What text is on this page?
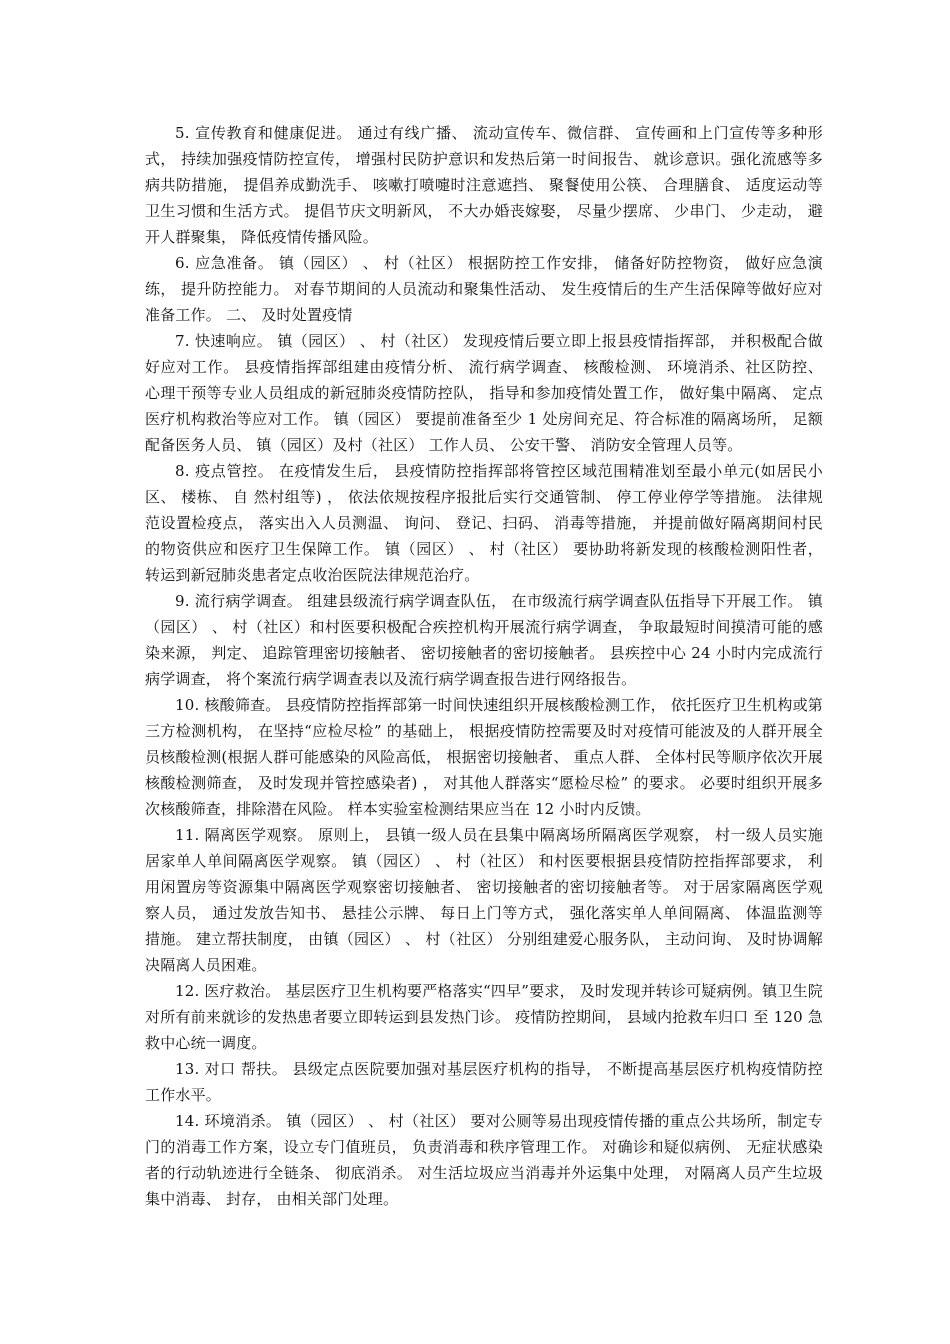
5. 宣传教育和健康促进。 通过有线广播、 流动宣传车、微信群、 宣传画和上门宣传等多种形式， 持续加强疫情防控宣传， 增强村民防护意识和发热后第一时间报告、 就诊意识。强化流感等多病共防措施， 提倡养成勤洗手、 咳嗽打喷嚏时注意遮挡、 聚餐使用公筷、 合理膳食、 适度运动等卫生习惯和生活方式。 提倡节庆文明新风， 不大办婚丧嫁娶， 尽量少摆席、 少串门、 少走动， 避开人群聚集， 降低疫情传播风险。

6. 应急准备。 镇（园区） 、 村（社区） 根据防控工作安排， 储备好防控物资， 做好应急演练， 提升防控能力。 对春节期间的人员流动和聚集性活动、 发生疫情后的生产生活保障等做好应对准备工作。 二、 及时处置疫情

7. 快速响应。 镇（园区） 、 村（社区） 发现疫情后要立即上报县疫情指挥部， 并积极配合做好应对工作。 县疫情指挥部组建由疫情分析、 流行病学调查、 核酸检测、 环境消杀、社区防控、 心理干预等专业人员组成的新冠肺炎疫情防控队， 指导和参加疫情处置工作， 做好集中隔离、 定点医疗机构救治等应对工作。 镇（园区） 要提前准备至少 1 处房间充足、符合标准的隔离场所， 足额配备医务人员、 镇（园区）及村（社区） 工作人员、 公安干警、 消防安全管理人员等。

8. 疫点管控。 在疫情发生后， 县疫情防控指挥部将管控区域范围精准划至最小单元(如居民小区、 楼栋、 自 然村组等) ， 依法依规按程序报批后实行交通管制、 停工停业停学等措施。 法律规范设置检疫点， 落实出入人员测温、 询问、 登记、扫码、 消毒等措施， 并提前做好隔离期间村民的物资供应和医疗卫生保障工作。 镇（园区） 、 村（社区） 要协助将新发现的核酸检测阳性者， 转运到新冠肺炎患者定点收治医院法律规范治疗。

9. 流行病学调查。 组建县级流行病学调查队伍， 在市级流行病学调查队伍指导下开展工作。 镇（园区） 、 村（社区）和村医要积极配合疾控机构开展流行病学调查， 争取最短时间摸清可能的感染来源， 判定、 追踪管理密切接触者、 密切接触者的密切接触者。 县疾控中心 24 小时内完成流行病学调查， 将个案流行病学调查表以及流行病学调查报告进行网络报告。

10. 核酸筛查。 县疫情防控指挥部第一时间快速组织开展核酸检测工作， 依托医疗卫生机构或第三方检测机构， 在坚持“应检尽检” 的基础上， 根据疫情防控需要及时对疫情可能波及的人群开展全员核酸检测(根据人群可能感染的风险高低， 根据密切接触者、 重点人群、 全体村民等顺序依次开展核酸检测筛查， 及时发现并管控感染者) ， 对其他人群落实“愿检尽检” 的要求。 必要时组织开展多次核酸筛查，排除潜在风险。 样本实验室检测结果应当在 12 小时内反馈。

11. 隔离医学观察。 原则上， 县镇一级人员在县集中隔离场所隔离医学观察， 村一级人员实施居家单人单间隔离医学观察。 镇（园区） 、 村（社区） 和村医要根据县疫情防控指挥部要求， 利用闲置房等资源集中隔离医学观察密切接触者、 密切接触者的密切接触者等。 对于居家隔离医学观察人员， 通过发放告知书、 悬挂公示牌、 每日上门等方式， 强化落实单人单间隔离、 体温监测等措施。 建立帮扶制度， 由镇（园区） 、 村（社区） 分别组建爱心服务队， 主动问询、 及时协调解决隔离人员困难。

12. 医疗救治。 基层医疗卫生机构要严格落实“四早”要求， 及时发现并转诊可疑病例。镇卫生院对所有前来就诊的发热患者要立即转运到县发热门诊。 疫情防控期间， 县域内抢救车归口 至 120 急救中心统一调度。

13. 对口 帮扶。 县级定点医院要加强对基层医疗机构的指导， 不断提高基层医疗机构疫情防控工作水平。

14. 环境消杀。 镇（园区） 、 村（社区） 要对公厕等易出现疫情传播的重点公共场所，制定专门的消毒工作方案，设立专门值班员， 负责消毒和秩序管理工作。 对确诊和疑似病例、 无症状感染者的行动轨迹进行全链条、 彻底消杀。 对生活垃圾应当消毒并外运集中处理， 对隔离人员产生垃圾集中消毒、 封存， 由相关部门处理。
